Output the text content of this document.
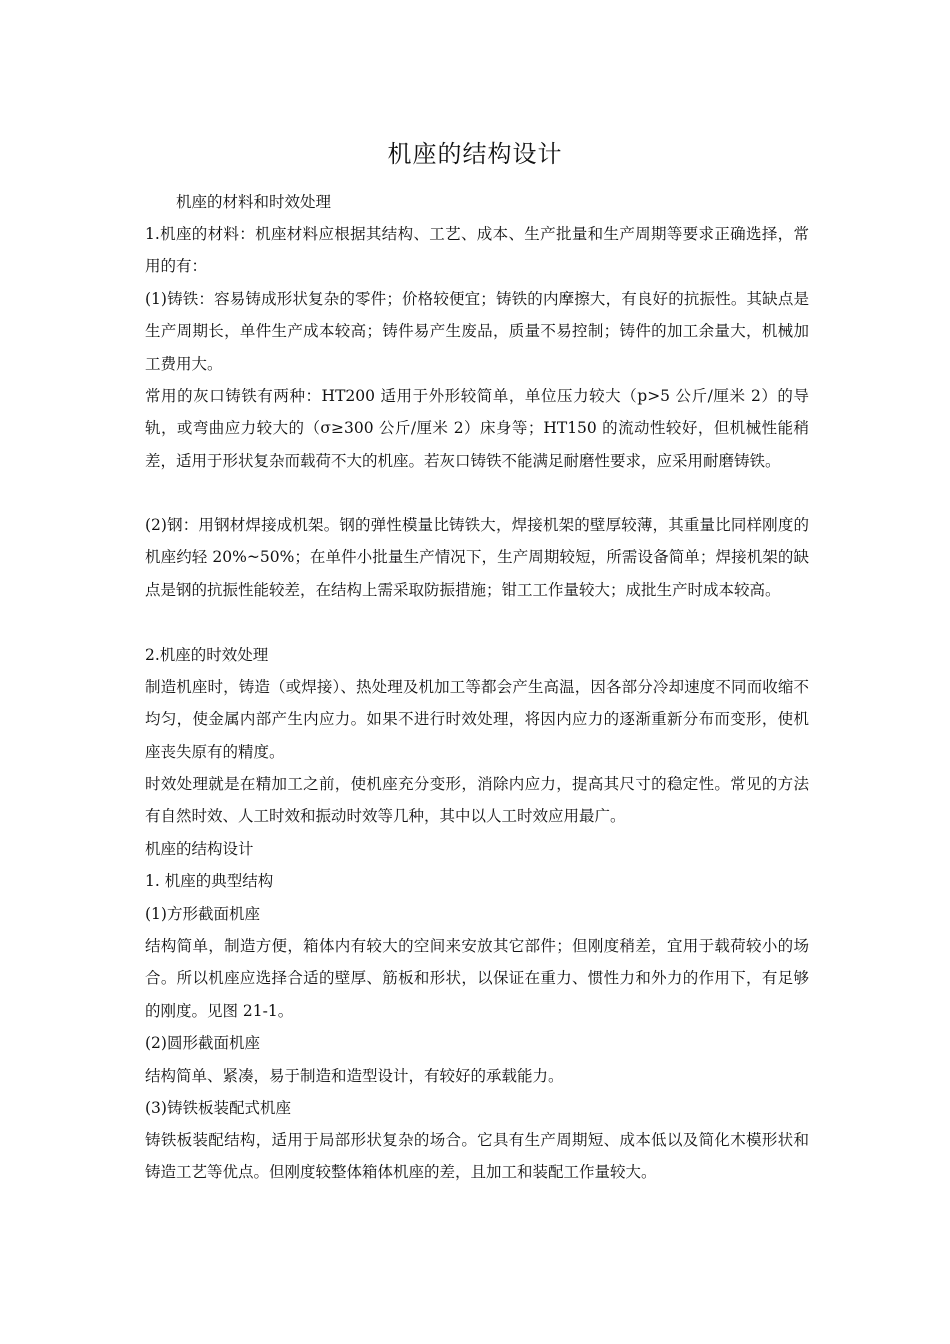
机座的结构设计

机座的材料和时效处理

1.机座的材料：机座材料应根据其结构、工艺、成本、生产批量和生产周期等要求正确选择，常用的有：

(1)铸铁：容易铸成形状复杂的零件；价格较便宜；铸铁的内摩擦大，有良好的抗振性。其缺点是生产周期长，单件生产成本较高；铸件易产生废品，质量不易控制；铸件的加工余量大，机械加工费用大。

常用的灰口铸铁有两种：HT200 适用于外形较简单，单位压力较大（p>5 公斤/厘米 2）的导轨，或弯曲应力较大的（σ≥300 公斤/厘米 2）床身等；HT150 的流动性较好，但机械性能稍差，适用于形状复杂而载荷不大的机座。若灰口铸铁不能满足耐磨性要求，应采用耐磨铸铁。

(2)钢：用钢材焊接成机架。钢的弹性模量比铸铁大，焊接机架的壁厚较薄，其重量比同样刚度的机座约轻 20%~50%；在单件小批量生产情况下，生产周期较短，所需设备简单；焊接机架的缺点是钢的抗振性能较差，在结构上需采取防振措施；钳工工作量较大；成批生产时成本较高。

2.机座的时效处理

制造机座时，铸造（或焊接）、热处理及机加工等都会产生高温，因各部分冷却速度不同而收缩不均匀，使金属内部产生内应力。如果不进行时效处理，将因内应力的逐渐重新分布而变形，使机座丧失原有的精度。

时效处理就是在精加工之前，使机座充分变形，消除内应力，提高其尺寸的稳定性。常见的方法有自然时效、人工时效和振动时效等几种，其中以人工时效应用最广。

机座的结构设计

1. 机座的典型结构

(1)方形截面机座

结构简单，制造方便，箱体内有较大的空间来安放其它部件；但刚度稍差，宜用于载荷较小的场合。所以机座应选择合适的壁厚、筋板和形状，以保证在重力、惯性力和外力的作用下，有足够的刚度。见图 21-1。

(2)圆形截面机座

结构简单、紧凑，易于制造和造型设计，有较好的承载能力。

(3)铸铁板装配式机座

铸铁板装配结构，适用于局部形状复杂的场合。它具有生产周期短、成本低以及简化木模形状和铸造工艺等优点。但刚度较整体箱体机座的差，且加工和装配工作量较大。
